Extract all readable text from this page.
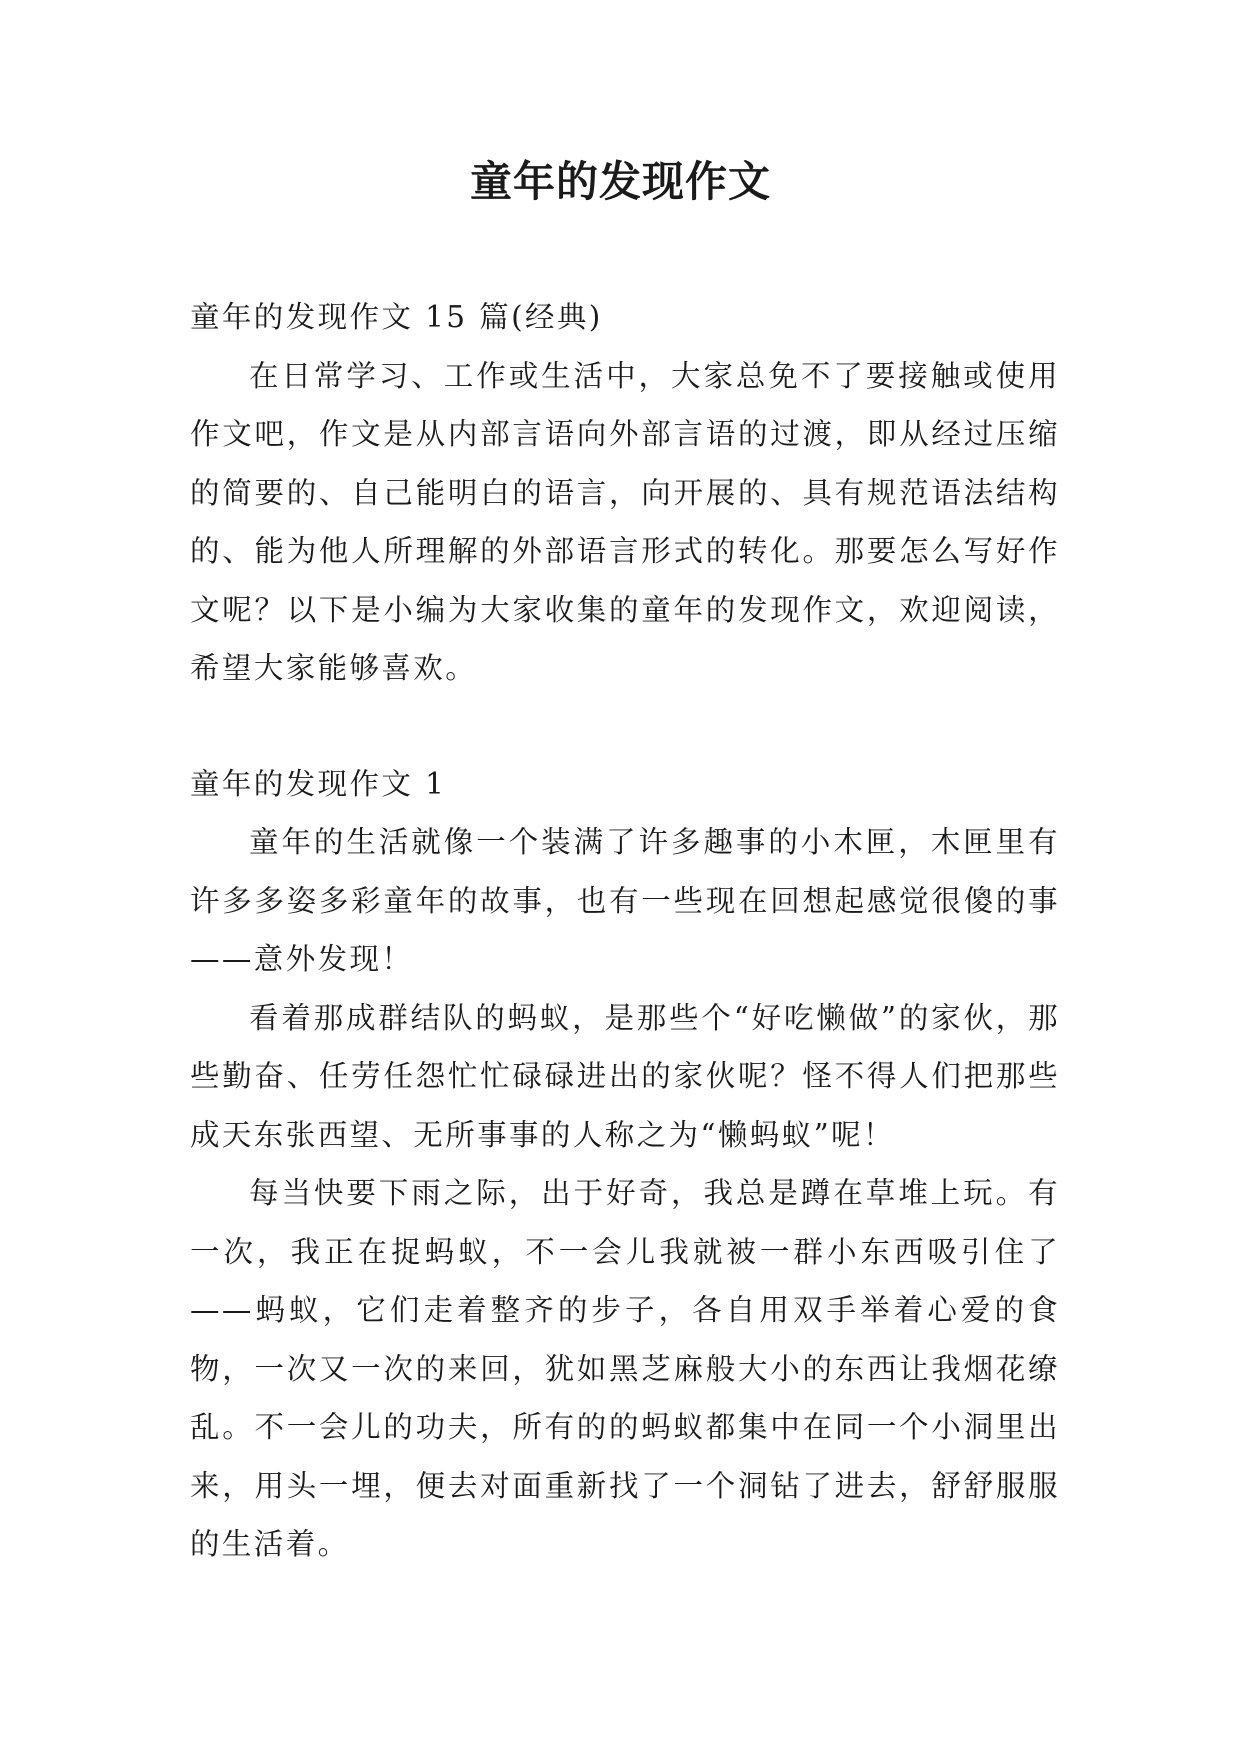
童年的发现作文

童年的发现作文 15 篇(经典)

在日常学习、工作或生活中，大家总免不了要接触或使用作文吧，作文是从内部言语向外部言语的过渡，即从经过压缩的简要的、自己能明白的语言，向开展的、具有规范语法结构的、能为他人所理解的外部语言形式的转化。那要怎么写好作文呢？以下是小编为大家收集的童年的发现作文，欢迎阅读，希望大家能够喜欢。

童年的发现作文 1

童年的生活就像一个装满了许多趣事的小木匣，木匣里有许多多姿多彩童年的故事，也有一些现在回想起感觉很傻的事——意外发现！

看着那成群结队的蚂蚁，是那些个“好吃懒做”的家伙，那些勤奋、任劳任怨忙忙碌碌进出的家伙呢？怪不得人们把那些成天东张西望、无所事事的人称之为“懒蚂蚁”呢！

每当快要下雨之际，出于好奇，我总是蹲在草堆上玩。有一次，我正在捉蚂蚁，不一会儿我就被一群小东西吸引住了——蚂蚁，它们走着整齐的步子，各自用双手举着心爱的食物，一次又一次的来回，犹如黑芝麻般大小的东西让我烟花缭乱。不一会儿的功夫，所有的的蚂蚁都集中在同一个小洞里出来，用头一埋，便去对面重新找了一个洞钻了进去，舒舒服服的生活着。
